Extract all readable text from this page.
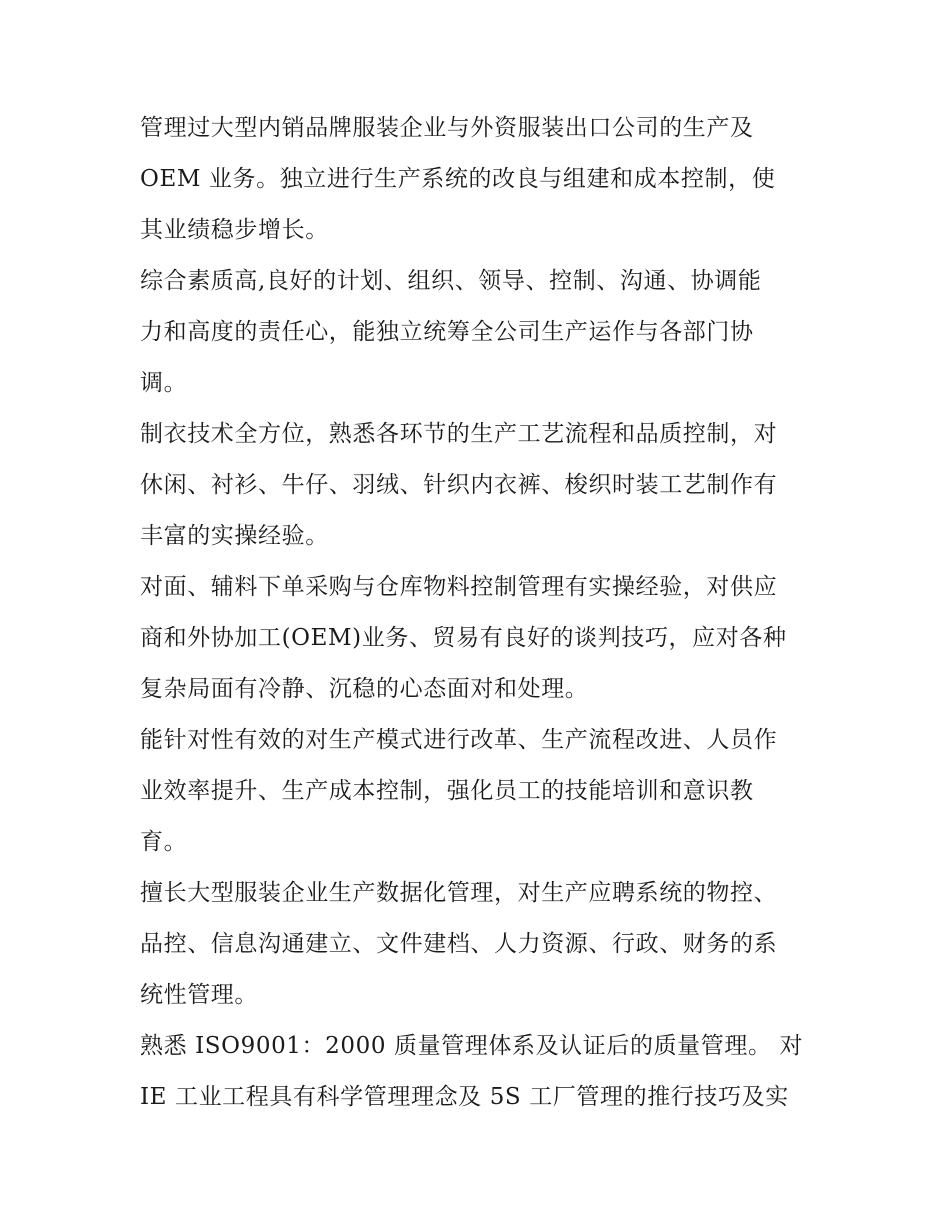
管理过大型内销品牌服装企业与外资服装出口公司的生产及
OEM 业务。独立进行生产系统的改良与组建和成本控制，使
其业绩稳步增长。
综合素质高,良好的计划、组织、领导、控制、沟通、协调能
力和高度的责任心，能独立统筹全公司生产运作与各部门协
调。
制衣技术全方位，熟悉各环节的生产工艺流程和品质控制，对
休闲、衬衫、牛仔、羽绒、针织内衣裤、梭织时装工艺制作有
丰富的实操经验。
对面、辅料下单采购与仓库物料控制管理有实操经验，对供应
商和外协加工(OEM)业务、贸易有良好的谈判技巧，应对各种
复杂局面有冷静、沉稳的心态面对和处理。
能针对性有效的对生产模式进行改革、生产流程改进、人员作
业效率提升、生产成本控制，强化员工的技能培训和意识教
育。
擅长大型服装企业生产数据化管理，对生产应聘系统的物控、
品控、信息沟通建立、文件建档、人力资源、行政、财务的系
统性管理。
熟悉 ISO9001：2000 质量管理体系及认证后的质量管理。 对
IE 工业工程具有科学管理理念及 5S 工厂管理的推行技巧及实
